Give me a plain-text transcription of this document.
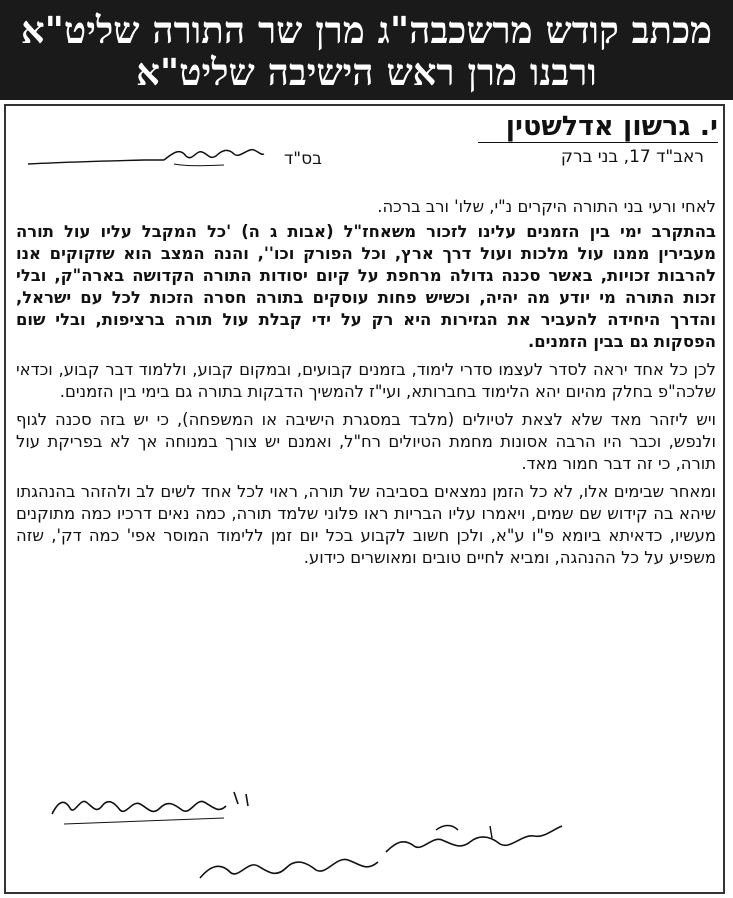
מכתב קודש מרשכבה"ג מרן שר התורה שליט"א
ורבנו מרן ראש הישיבה שליט"א
י. גרשון אדלשטין
ראב"ד 17, בני ברק
בס"ד

לאחי ורעי בני התורה היקרים נ"י, שלו' ורב ברכה.

בהתקרב ימי בין הזמנים עלינו לזכור משאחז"ל (אבות ג ה) 'כל המקבל עליו עול תורה מעבירין ממנו עול מלכות ועול דרך ארץ, וכל הפורק וכו'', והנה המצב הוא שזקוקים אנו להרבות זכויות, באשר סכנה גדולה מרחפת על קיום יסודות התורה הקדושה בארה"ק, ובלי זכות התורה מי יודע מה יהיה, וכשיש פחות עוסקים בתורה חסרה הזכות לכל עם ישראל, והדרך היחידה להעביר את הגזירות היא רק על ידי קבלת עול תורה ברציפות, ובלי שום הפסקות גם בבין הזמנים.

לכן כל אחד יראה לסדר לעצמו סדרי לימוד, בזמנים קבועים, ובמקום קבוע, וללמוד דבר קבוע, וכדאי שלכה"פ בחלק מהיום יהא הלימוד בחברותא, ועי"ז להמשיך הדבקות בתורה גם בימי בין הזמנים.

ויש ליזהר מאד שלא לצאת לטיולים (מלבד במסגרת הישיבה או המשפחה), כי יש בזה סכנה לגוף ולנפש, וכבר היו הרבה אסונות מחמת הטיולים רח"ל, ואמנם יש צורך במנוחה אך לא בפריקת עול תורה, כי זה דבר חמור מאד.

ומאחר שבימים אלו, לא כל הזמן נמצאים בסביבה של תורה, ראוי לכל אחד לשים לב ולהזהר בהנהגתו שיהא בה קידוש שם שמים, ויאמרו עליו הבריות ראו פלוני שלמד תורה, כמה נאים דרכיו כמה מתוקנים מעשיו, כדאיתא ביומא פ"ו ע"א, ולכן חשוב לקבוע בכל יום זמן ללימוד המוסר אפי' כמה דק', שזה משפיע על כל ההנהגה, ומביא לחיים טובים ומאושרים כידוע.
